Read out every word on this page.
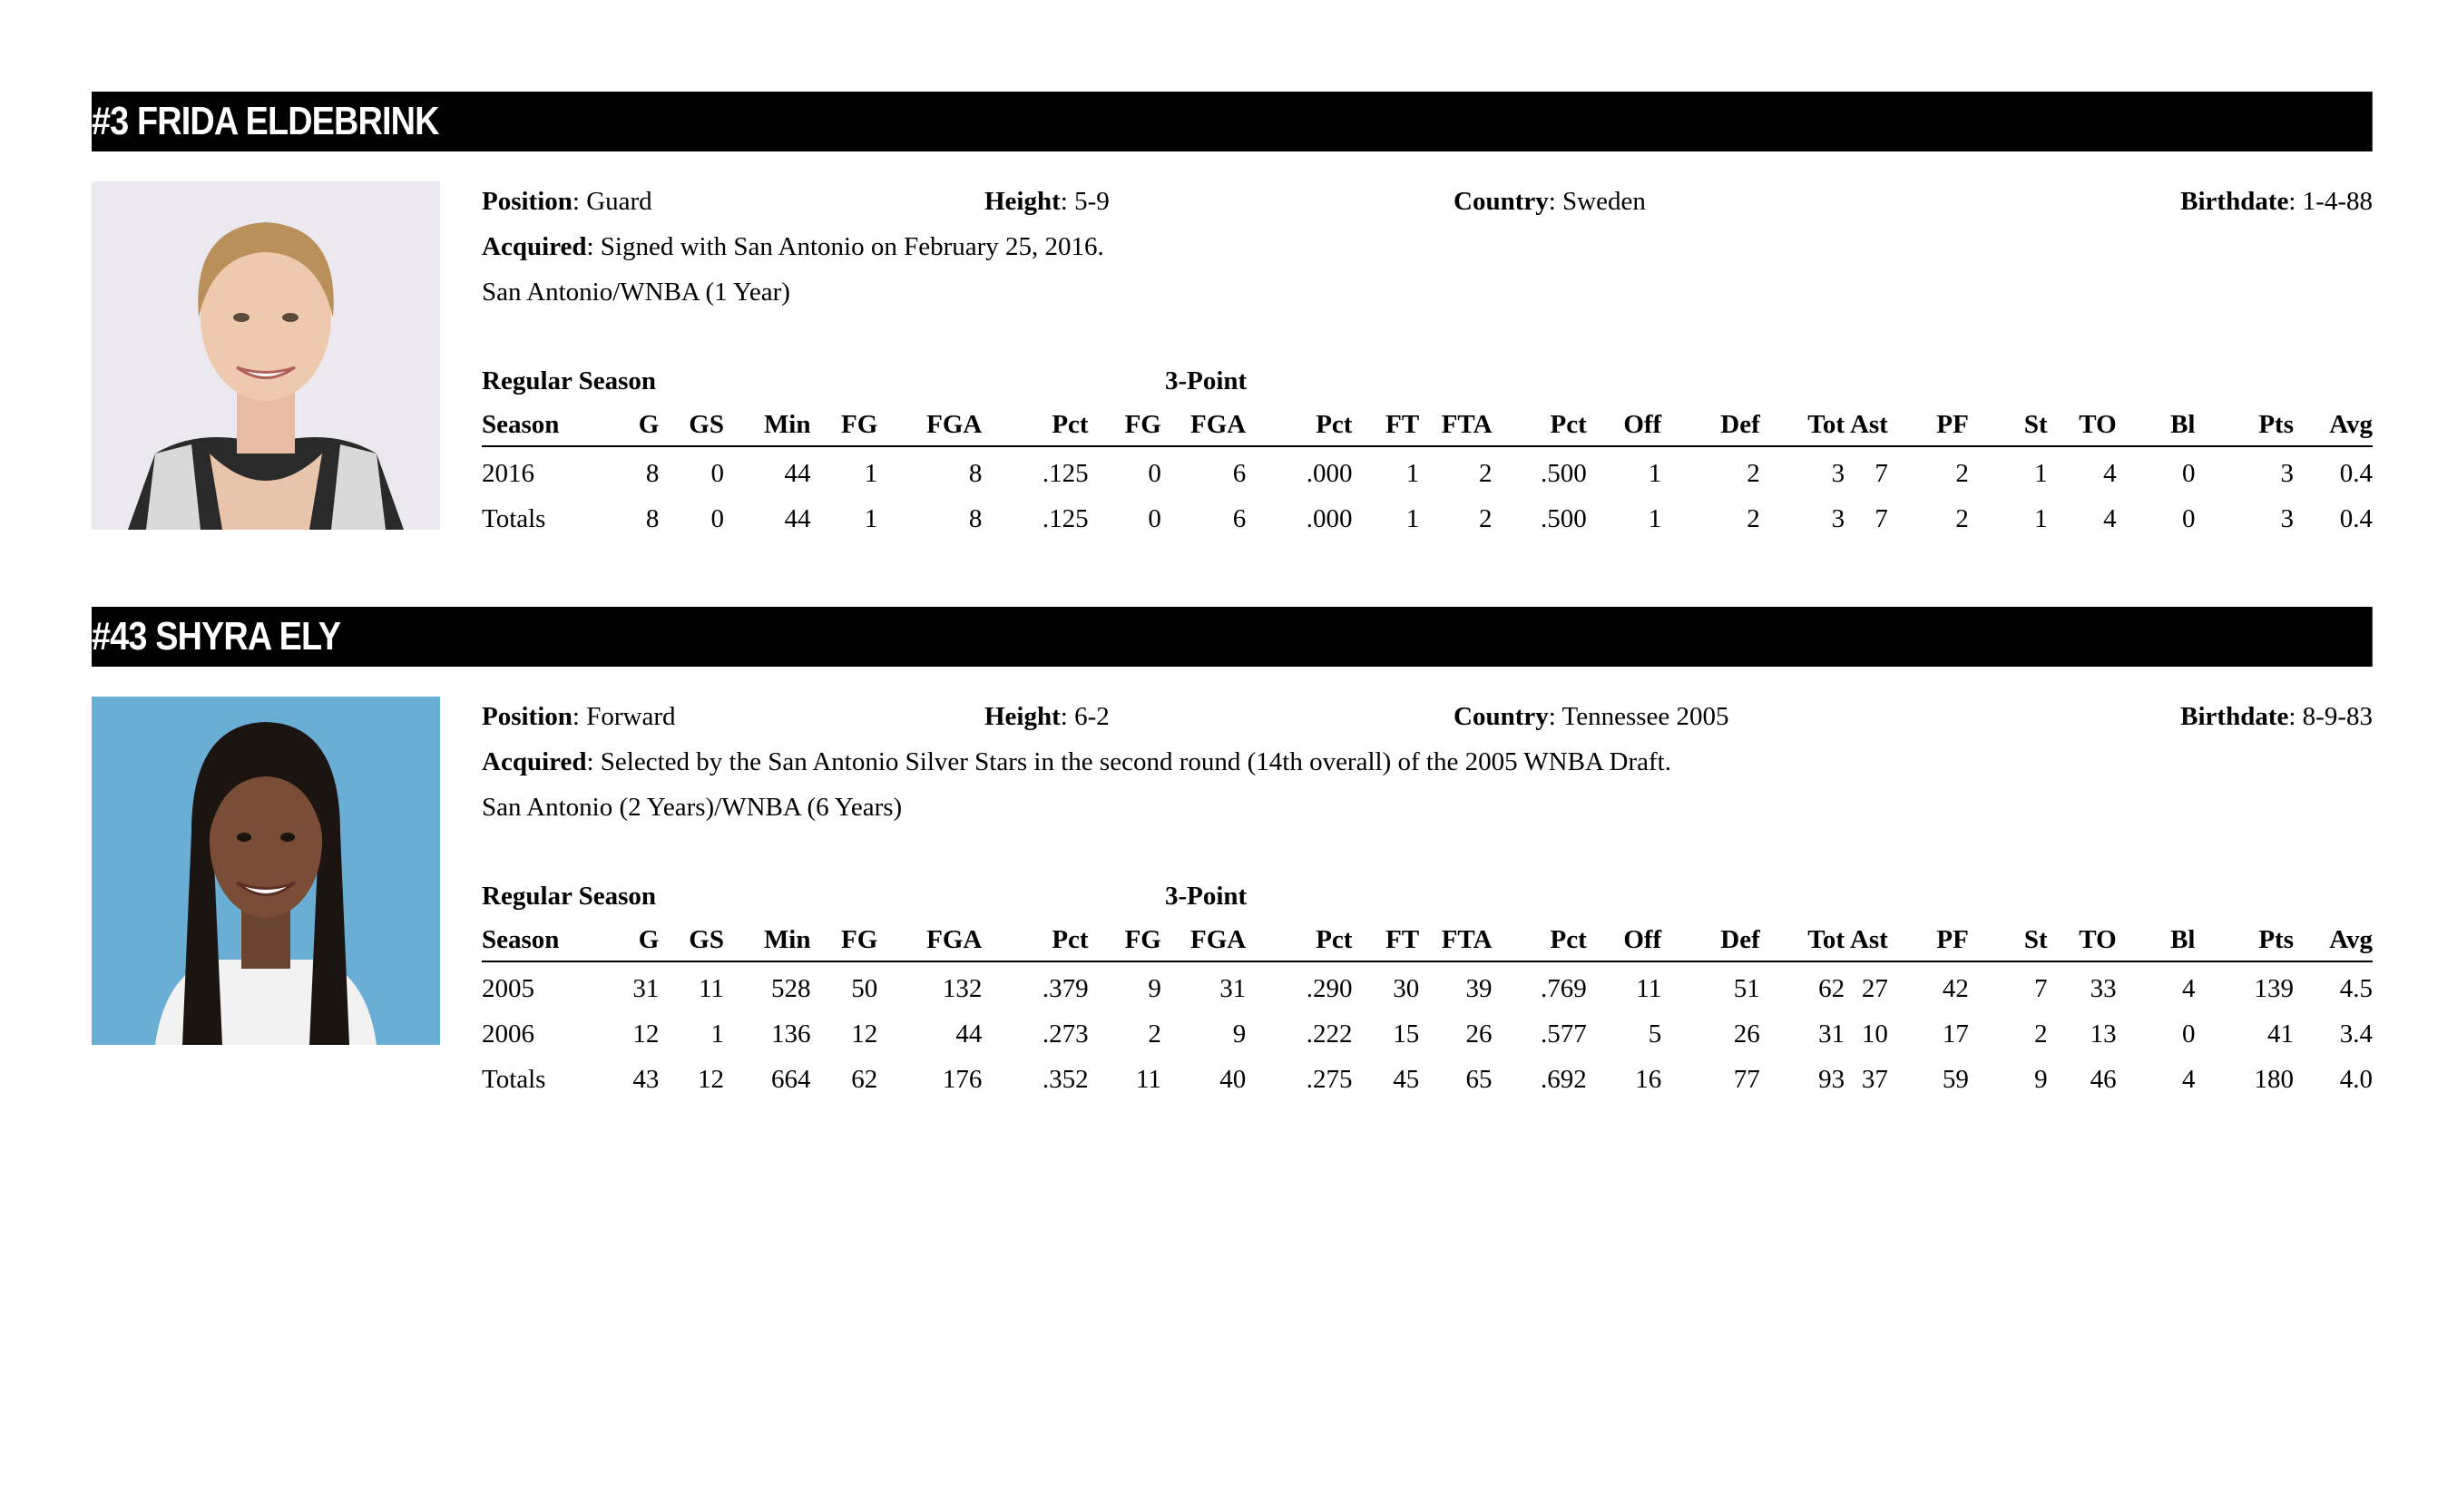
#3 FRIDA ELDEBRINK
Position: Guard	Height: 5-9	Country: Sweden	Birthdate: 1-4-88
Acquired: Signed with San Antonio on February 25, 2016.
San Antonio/WNBA (1 Year)
Regular Season	3-Point
Season	G	GS	Min	FG	FGA	Pct	FG	FGA	Pct	FT	FTA	Pct	Off	Def	Tot	Ast	PF	St	TO	Bl	Pts	Avg
2016	8	0	44	1	8	.125	0	6	.000	1	2	.500	1	2	3	7	2	1	4	0	3	0.4
Totals	8	0	44	1	8	.125	0	6	.000	1	2	.500	1	2	3	7	2	1	4	0	3	0.4
#43 SHYRA ELY
Position: Forward	Height: 6-2	Country: Tennessee 2005	Birthdate: 8-9-83
Acquired: Selected by the San Antonio Silver Stars in the second round (14th overall) of the 2005 WNBA Draft.
San Antonio (2 Years)/WNBA (6 Years)
Regular Season	3-Point
Season	G	GS	Min	FG	FGA	Pct	FG	FGA	Pct	FT	FTA	Pct	Off	Def	Tot	Ast	PF	St	TO	Bl	Pts	Avg
2005	31	11	528	50	132	.379	9	31	.290	30	39	.769	11	51	62	27	42	7	33	4	139	4.5
2006	12	1	136	12	44	.273	2	9	.222	15	26	.577	5	26	31	10	17	2	13	0	41	3.4
Totals	43	12	664	62	176	.352	11	40	.275	45	65	.692	16	77	93	37	59	9	46	4	180	4.0
